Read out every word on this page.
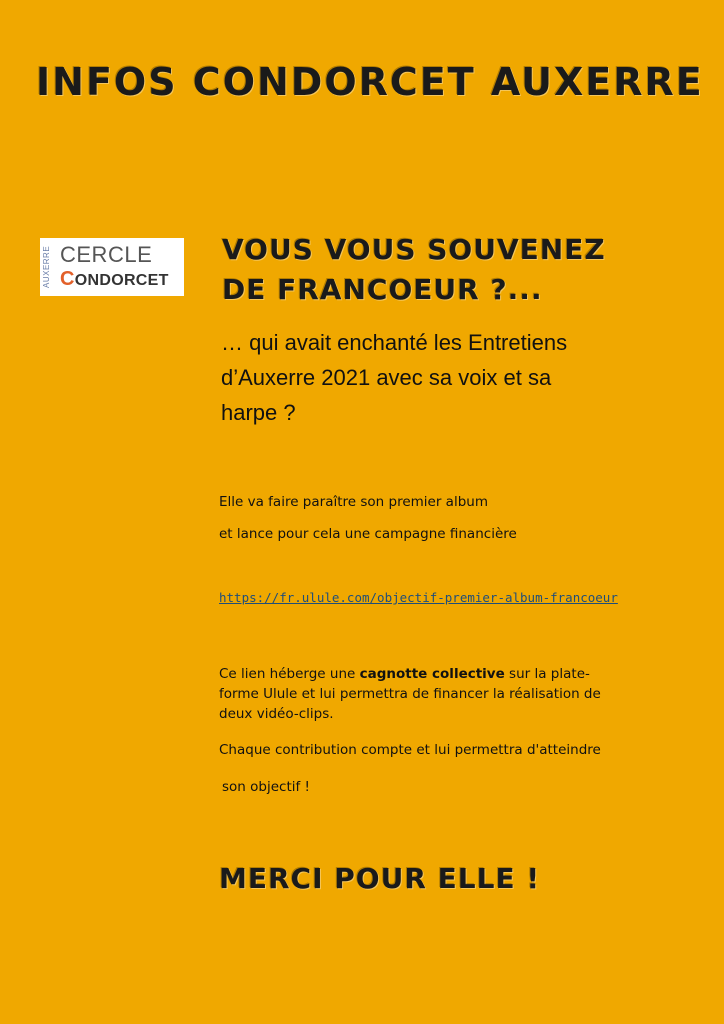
INFOS CONDORCET AUXERRE
AUXERRE CERCLE
CONDORCET
VOUS VOUS SOUVENEZ
DE FRANCOEUR ?...
… qui avait enchanté les Entretiens
d’Auxerre 2021 avec sa voix et sa
harpe ?
Elle va faire paraître son premier album
et lance pour cela une campagne financière
https://fr.ulule.com/objectif-premier-album-francoeur
Ce lien héberge une cagnotte collective sur la plate-
forme Ulule et lui permettra de financer la réalisation de
deux vidéo-clips.
Chaque contribution compte et lui permettra d'atteindre
son objectif !
MERCI POUR ELLE !
